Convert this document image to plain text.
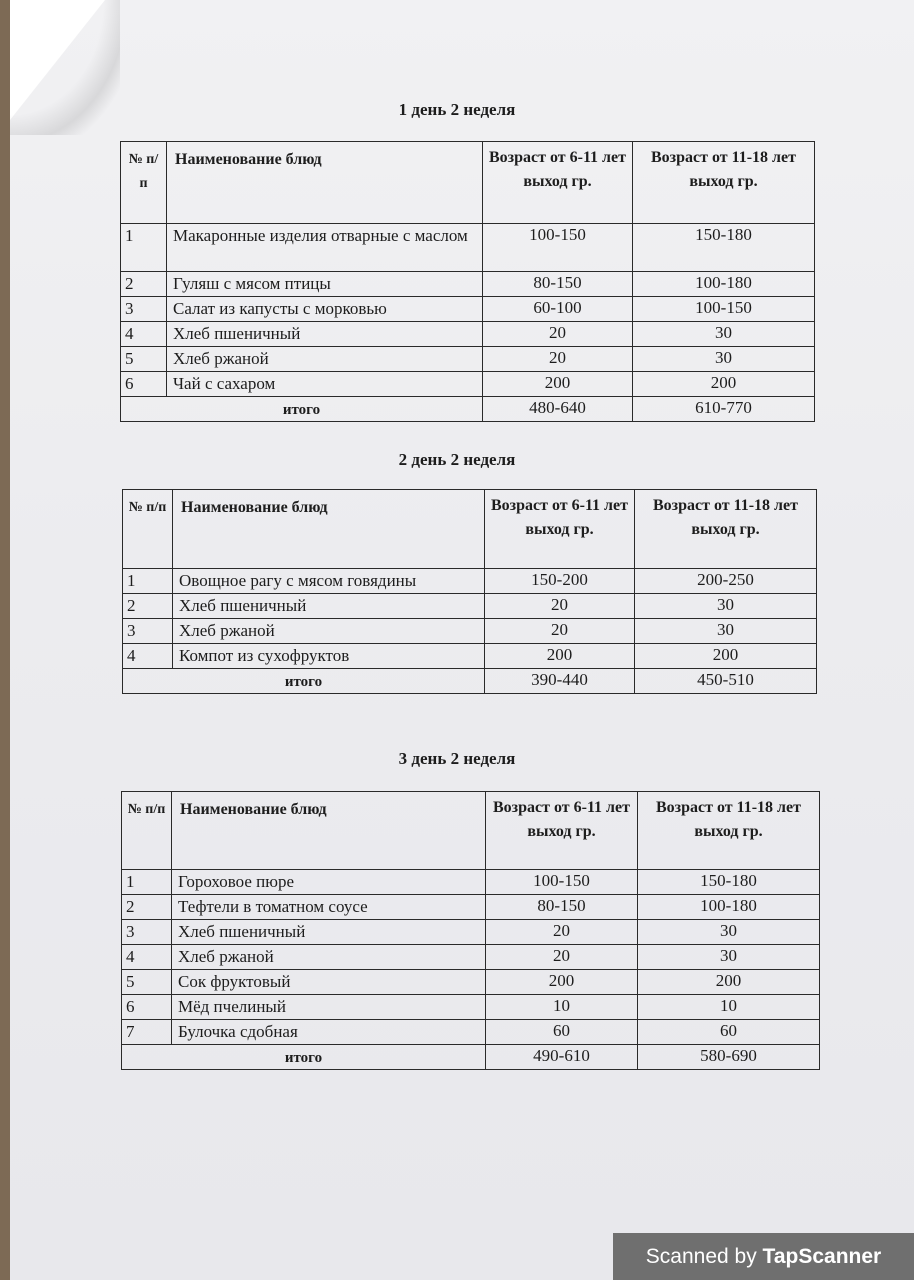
1 день 2 неделя
№ п/п	Наименование блюд	Возраст от 6-11 лет выход гр.	Возраст от 11-18 лет выход гр.
1	Макаронные изделия отварные с маслом	100-150	150-180
2	Гуляш с мясом птицы	80-150	100-180
3	Салат из капусты с морковью	60-100	100-150
4	Хлеб пшеничный	20	30
5	Хлеб ржаной	20	30
6	Чай с сахаром	200	200
итого		480-640	610-770
2 день 2 неделя
№ п/п	Наименование блюд	Возраст от 6-11 лет выход гр.	Возраст от 11-18 лет выход гр.
1	Овощное рагу с мясом говядины	150-200	200-250
2	Хлеб пшеничный	20	30
3	Хлеб ржаной	20	30
4	Компот из сухофруктов	200	200
итого		390-440	450-510
3 день 2 неделя
№ п/п	Наименование блюд	Возраст от 6-11 лет выход гр.	Возраст от 11-18 лет выход гр.
1	Гороховое пюре	100-150	150-180
2	Тефтели в томатном соусе	80-150	100-180
3	Хлеб пшеничный	20	30
4	Хлеб ржаной	20	30
5	Сок фруктовый	200	200
6	Мёд пчелиный	10	10
7	Булочка сдобная	60	60
итого		490-610	580-690
Scanned by TapScanner
